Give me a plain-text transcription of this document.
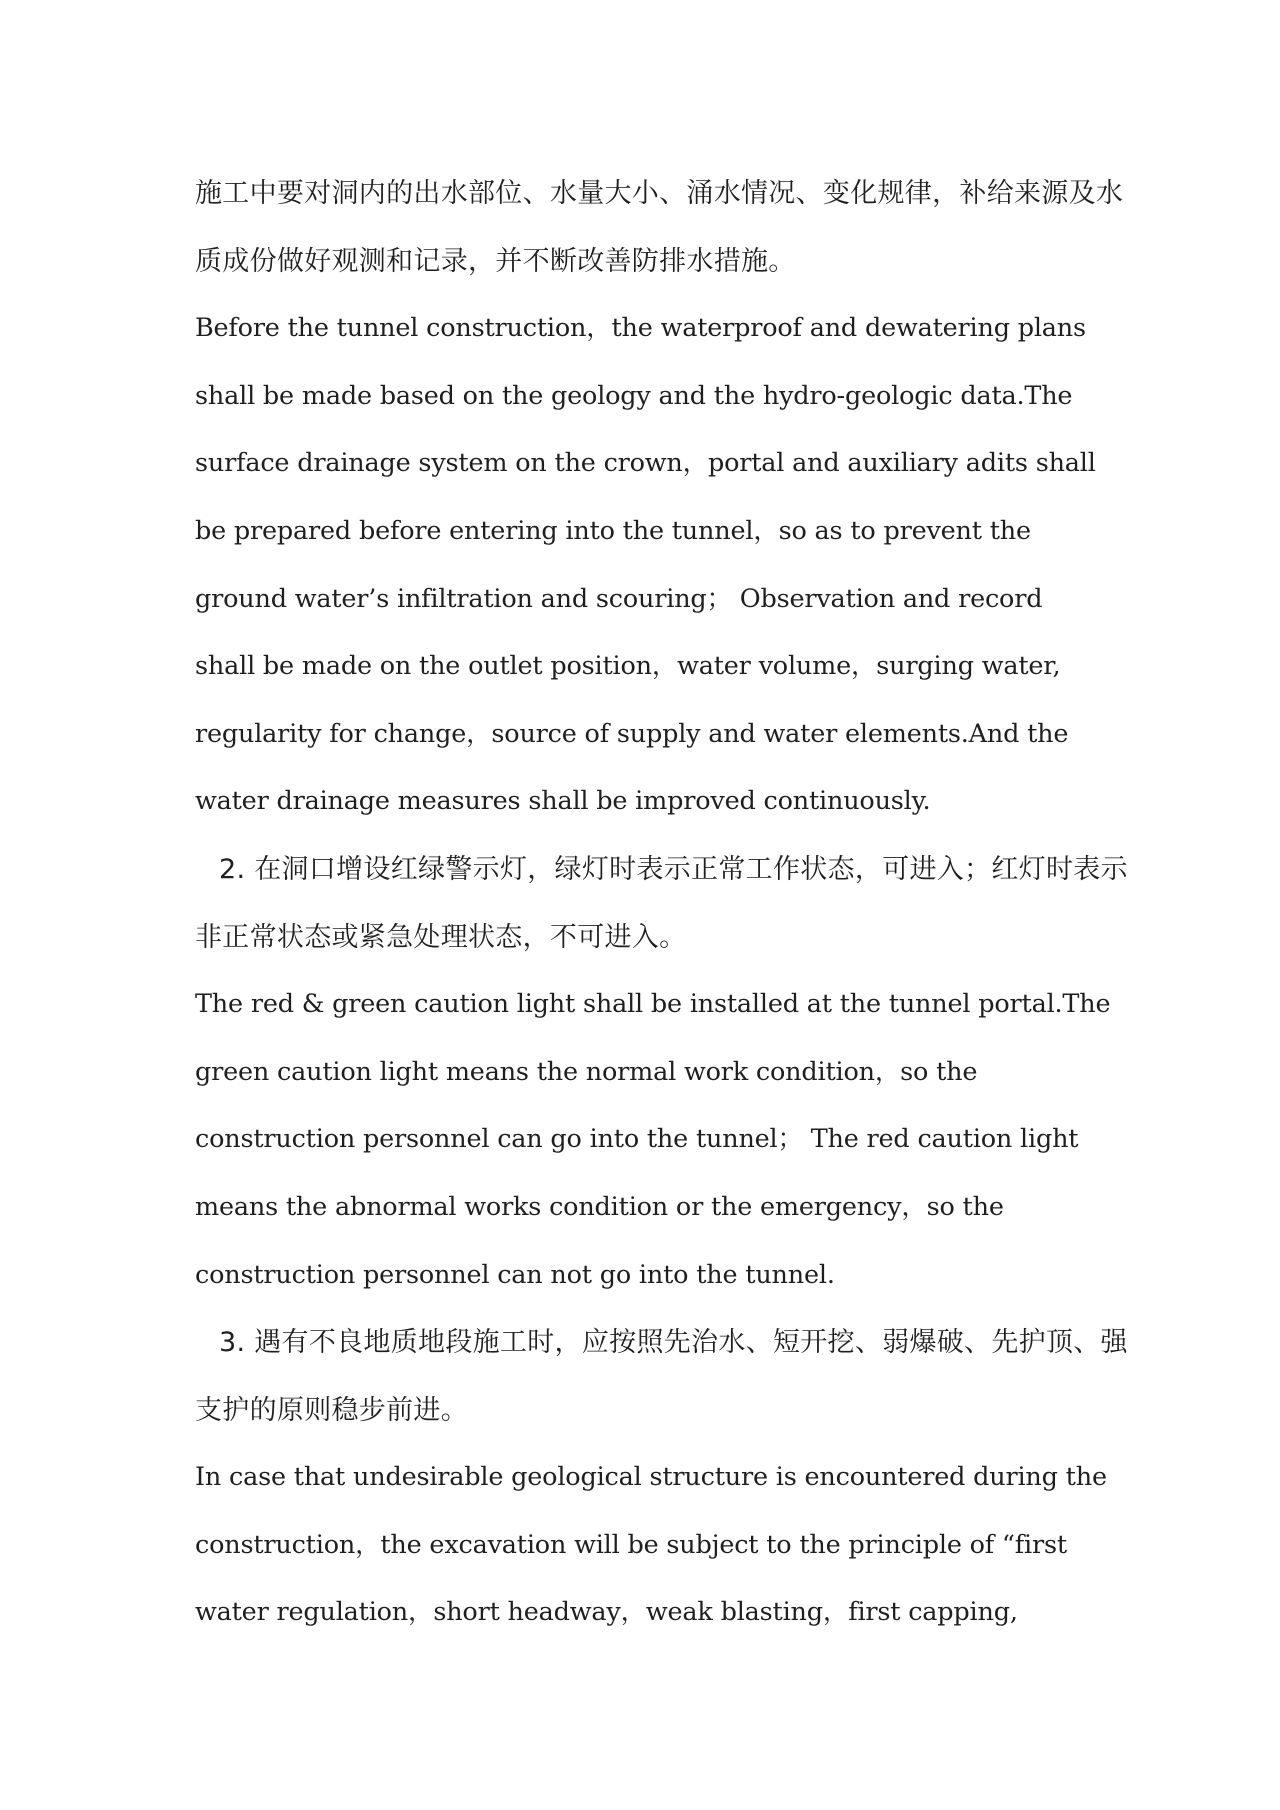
施工中要对洞内的出水部位、水量大小、涌水情况、变化规律，补给来源及水
质成份做好观测和记录，并不断改善防排水措施。
Before the tunnel construction，the waterproof and dewatering plans
shall be made based on the geology and the hydro-geologic data.The
surface drainage system on the crown，portal and auxiliary adits shall
be prepared before entering into the tunnel，so as to prevent the
ground water’s infiltration and scouring； Observation and record
shall be made on the outlet position，water volume，surging water,
regularity for change，source of supply and water elements.And the
water drainage measures shall be improved continuously.
2. 在洞口增设红绿警示灯，绿灯时表示正常工作状态，可进入；红灯时表示
非正常状态或紧急处理状态，不可进入。
The red & green caution light shall be installed at the tunnel portal.The
green caution light means the normal work condition，so the
construction personnel can go into the tunnel； The red caution light
means the abnormal works condition or the emergency，so the
construction personnel can not go into the tunnel.
3. 遇有不良地质地段施工时，应按照先治水、短开挖、弱爆破、先护顶、强
支护的原则稳步前进。
In case that undesirable geological structure is encountered during the
construction，the excavation will be subject to the principle of “first
water regulation，short headway，weak blasting，first capping,
